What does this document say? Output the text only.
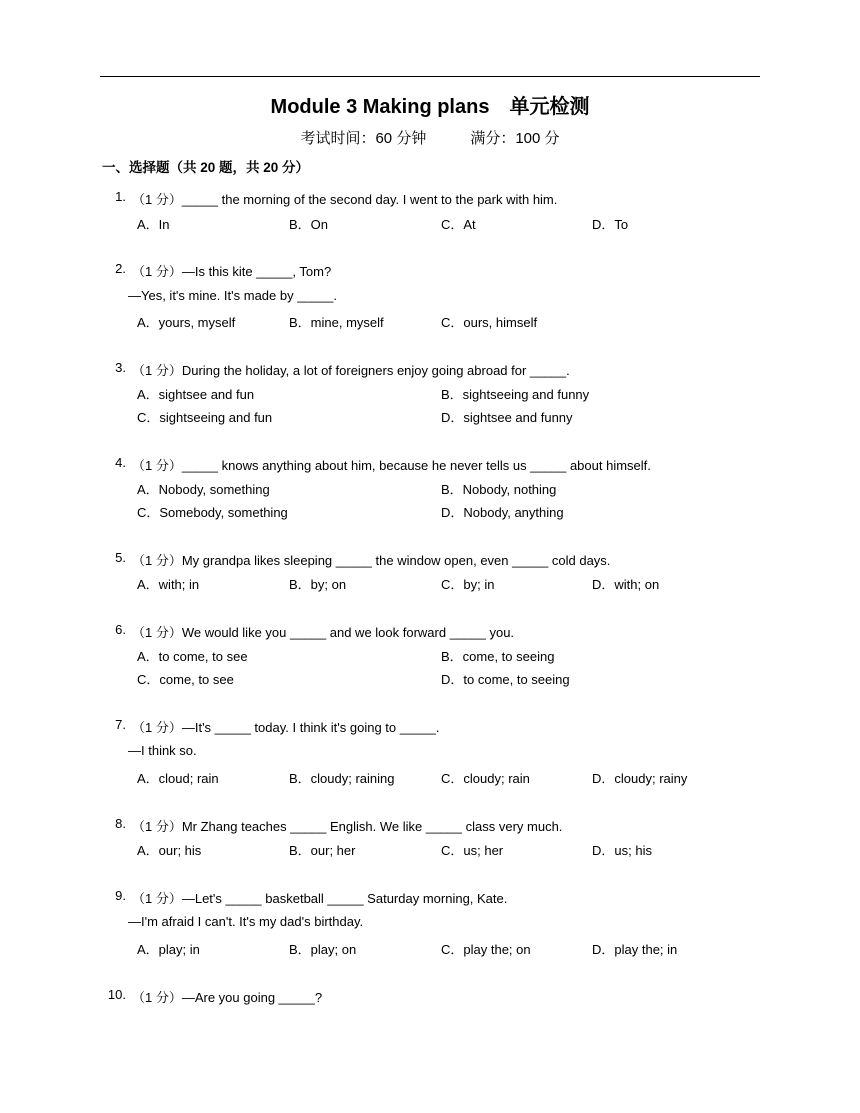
Module 3 Making plans　单元检测
考试时间：60 分钟	满分：100 分
一、选择题（共 20 题，共 20 分）
1. （1 分）_____ the morning of the second day. I went to the park with him.
A．In	B．On	C．At	D．To
2. （1 分）—Is this kite _____, Tom?
—Yes, it's mine. It's made by _____.
A．yours, myself	B．mine, myself	C．ours, himself
3. （1 分）During the holiday, a lot of foreigners enjoy going abroad for _____.
A．sightsee and fun	B．sightseeing and funny
C．sightseeing and fun	D．sightsee and funny
4. （1 分）_____ knows anything about him, because he never tells us _____ about himself.
A．Nobody, something	B．Nobody, nothing
C．Somebody, something	D．Nobody, anything
5. （1 分）My grandpa likes sleeping _____ the window open, even _____ cold days.
A．with; in	B．by; on	C．by; in	D．with; on
6. （1 分）We would like you _____ and we look forward _____ you.
A．to come, to see	B．come, to seeing
C．come, to see	D．to come, to seeing
7. （1 分）—It's _____ today. I think it's going to _____.
—I think so.
A．cloud; rain	B．cloudy; raining	C．cloudy; rain	D．cloudy; rainy
8. （1 分）Mr Zhang teaches _____ English. We like _____ class very much.
A．our; his	B．our; her	C．us; her	D．us; his
9. （1 分）—Let's _____ basketball _____ Saturday morning, Kate.
—I'm afraid I can't. It's my dad's birthday.
A．play; in	B．play; on	C．play the; on	D．play the; in
10. （1 分）—Are you going _____?
